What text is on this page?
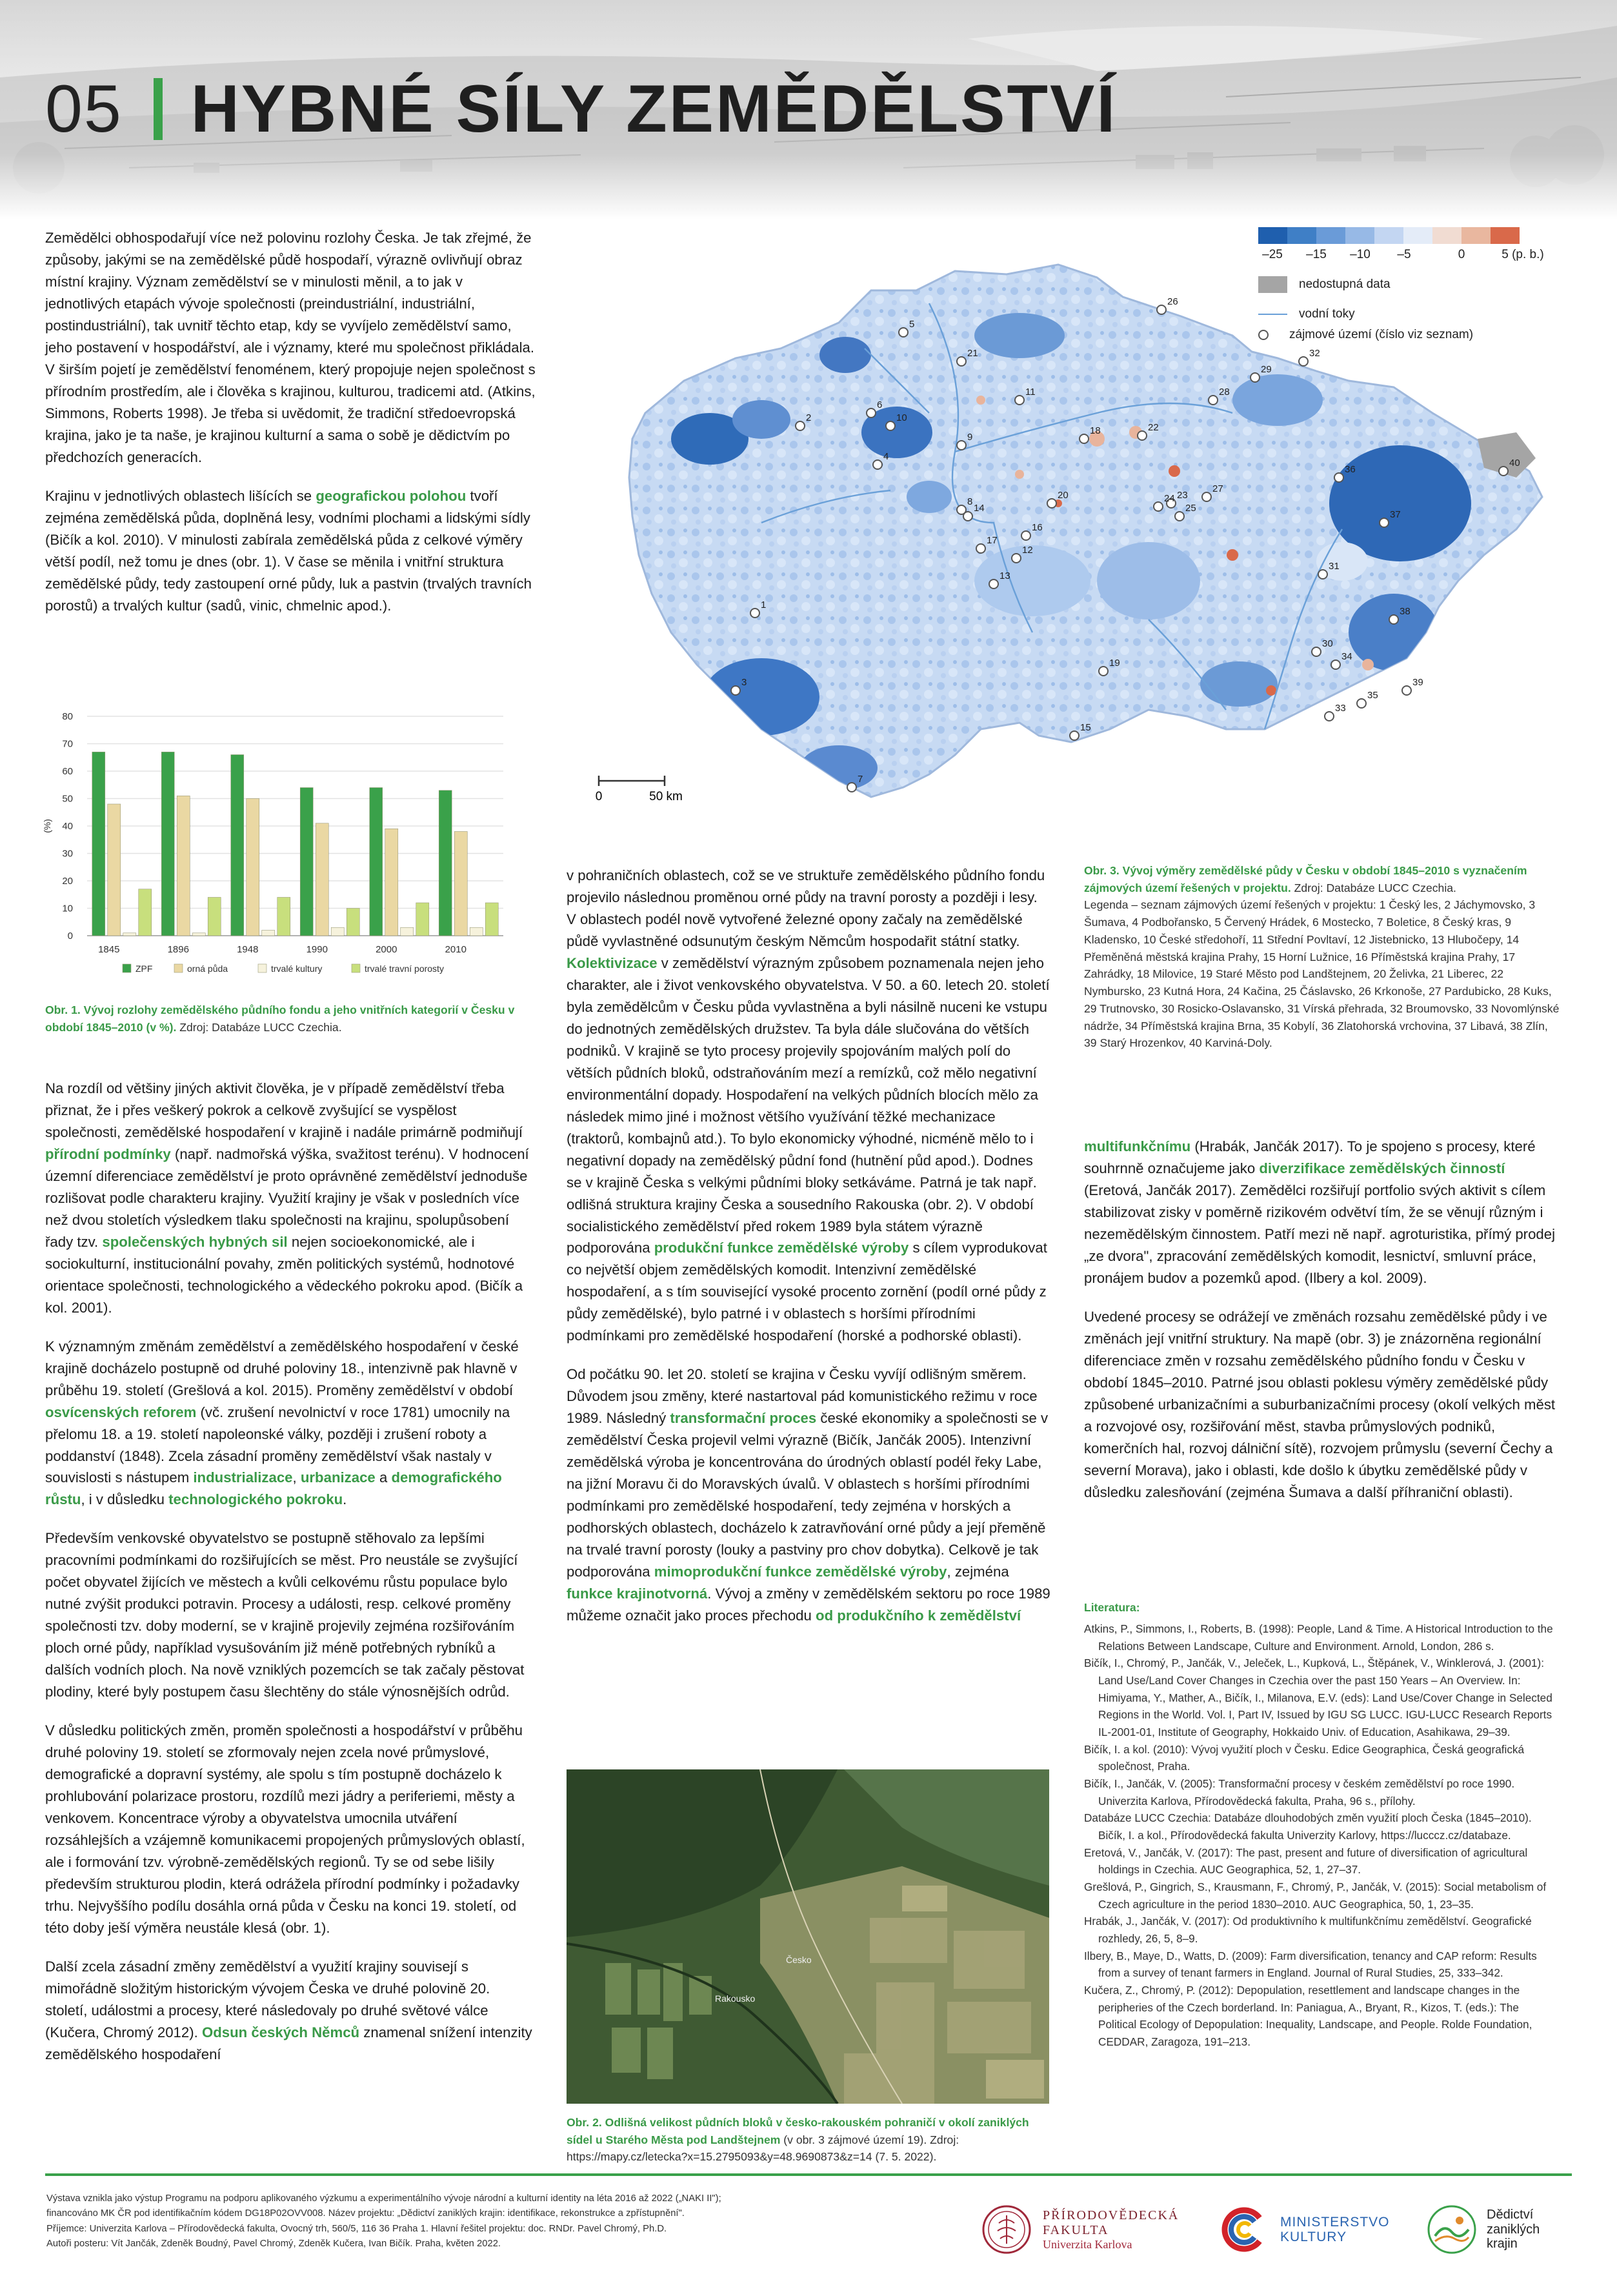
05 HYBNÉ SÍLY ZEMĚDĚLSTVÍ

Zemědělci obhospodařují více než polovinu rozlohy Česka. Je tak zřejmé, že způsoby, jakými se na zemědělské půdě hospodaří, výrazně ovlivňují obraz místní krajiny. Význam zemědělství se v minulosti měnil, a to jak v jednotlivých etapách vývoje společnosti (preindustriální, industriální, postindustriální), tak uvnitř těchto etap, kdy se vyvíjelo zemědělství samo, jeho postavení v hospodářství, ale i významy, které mu společnost přikládala. V širším pojetí je zemědělství fenoménem, který propojuje nejen společnost s přírodním prostředím, ale i člověka s krajinou, kulturou, tradicemi atd. (Atkins, Simmons, Roberts 1998). Je třeba si uvědomit, že tradiční středoevropská krajina, jako je ta naše, je krajinou kulturní a sama o sobě je dědictvím po předchozích generacích.

Krajinu v jednotlivých oblastech lišících se geografickou polohou tvoří zejména zemědělská půda, doplněná lesy, vodními plochami a lidskými sídly (Bičík a kol. 2010). V minulosti zabírala zemědělská půda z celkové výměry větší podíl, než tomu je dnes (obr. 1). V čase se měnila i vnitřní struktura zemědělské půdy, tedy zastoupení orné půdy, luk a pastvin (trvalých travních porostů) a trvalých kultur (sadů, vinic, chmelnic apod.).

0
10
20
30
40
50
60
70
80
(%)
1845	1896	1948	1990	2000	2010
ZPF	orná půda	trvalé kultury	trvalé travní porosty
Obr. 1. Vývoj rozlohy zemědělského půdního fondu a jeho vnitřních kategorií v Česku v období 1845–2010 (v %). Zdroj: Databáze LUCC Czechia.

Na rozdíl od většiny jiných aktivit člověka, je v případě zemědělství třeba přiznat, že i přes veškerý pokrok a celkově zvyšující se vyspělost společnosti, zemědělské hospodaření v krajině i nadále primárně podmiňují přírodní podmínky (např. nadmořská výška, svažitost terénu). V hodnocení územní diferenciace zemědělství je proto oprávněné zemědělství jednoduše rozlišovat podle charakteru krajiny. Využití krajiny je však v posledních více než dvou stoletích výsledkem tlaku společnosti na krajinu, spolupůsobení řady tzv. společenských hybných sil nejen socioekonomické, ale i sociokulturní, institucionální povahy, změn politických systémů, hodnotové orientace společnosti, technologického a vědeckého pokroku apod. (Bičík a kol. 2001).

K významným změnám zemědělství a zemědělského hospodaření v české krajině docházelo postupně od druhé poloviny 18., intenzivně pak hlavně v průběhu 19. století (Grešlová a kol. 2015). Proměny zemědělství v období osvícenských reforem (vč. zrušení nevolnictví v roce 1781) umocnily na přelomu 18. a 19. století napoleonské války, později i zrušení roboty a poddanství (1848). Zcela zásadní proměny zemědělství však nastaly v souvislosti s nástupem industrializace, urbanizace a demografického růstu, i v důsledku technologického pokroku.

Především venkovské obyvatelstvo se postupně stěhovalo za lepšími pracovními podmínkami do rozšiřujících se měst. Pro neustále se zvyšující počet obyvatel žijících ve městech a kvůli celkovému růstu populace bylo nutné zvýšit produkci potravin. Procesy a události, resp. celkové proměny společnosti tzv. doby moderní, se v krajině projevily zejména rozšiřováním ploch orné půdy, například vysušováním již méně potřebných rybníků a dalších vodních ploch. Na nově vzniklých pozemcích se tak začaly pěstovat plodiny, které byly postupem času šlechtěny do stále výnosnějších odrůd.

V důsledku politických změn, proměn společnosti a hospodářství v průběhu druhé poloviny 19. století se zformovaly nejen zcela nové průmyslové, demografické a dopravní systémy, ale spolu s tím postupně docházelo k prohlubování polarizace prostoru, rozdílů mezi jádry a periferiemi, městy a venkovem. Koncentrace výroby a obyvatelstva umocnila utváření rozsáhlejších a vzájemně komunikacemi propojených průmyslových oblastí, ale i formování tzv. výrobně-zemědělských regionů. Ty se od sebe lišily především strukturou plodin, která odrážela přírodní podmínky i požadavky trhu. Nejvyššího podílu dosáhla orná půda v Česku na konci 19. století, od této doby ješí výměra neustále klesá (obr. 1).

Další zcela zásadní změny zemědělství a využití krajiny souvisejí s mimořádně složitým historickým vývojem Česka ve druhé polovině 20. století, událostmi a procesy, které následovaly po druhé světové válce (Kučera, Chromý 2012). Odsun českých Němců znamenal snížení intenzity zemědělského hospodaření

1
2
3
4
5
6
7
8
9
10
11
12
13
14
15
16
17
18
19
20
21
22
23
24
25
26
27
28
29
30
31
32
33
34
35
36
37
38
39
40
0	50 km
–25 –15 –10 –5	0	5 (p. b.)
nedostupná data
vodní toky
zájmové území (číslo viz seznam)

v pohraničních oblastech, což se ve struktuře zemědělského půdního fondu projevilo následnou proměnou orné půdy na travní porosty a později i lesy. V oblastech podél nově vytvořené železné opony začaly na zemědělské půdě vyvlastněné odsunutým českým Němcům hospodařit státní statky. Kolektivizace v zemědělství výrazným způsobem poznamenala nejen jeho charakter, ale i život venkovského obyvatelstva. V 50. a 60. letech 20. století byla zemědělcům v Česku půda vyvlastněna a byli násilně nuceni ke vstupu do jednotných zemědělských družstev. Ta byla dále slučována do větších podniků. V krajině se tyto procesy projevily spojováním malých polí do větších půdních bloků, odstraňováním mezí a remízků, což mělo negativní environmentální dopady. Hospodaření na velkých půdních blocích mělo za následek mimo jiné i možnost většího využívání těžké mechanizace (traktorů, kombajnů atd.). To bylo ekonomicky výhodné, nicméně mělo to i negativní dopady na zemědělský půdní fond (hutnění půd apod.). Dodnes se v krajině Česka s velkými půdními bloky setkáváme. Patrná je tak např. odlišná struktura krajiny Česka a sousedního Rakouska (obr. 2). V období socialistického zemědělství před rokem 1989 byla státem výrazně podporována produkční funkce zemědělské výroby s cílem vyprodukovat co největší objem zemědělských komodit. Intenzivní zemědělské hospodaření, a s tím související vysoké procento zornění (podíl orné půdy z půdy zemědělské), bylo patrné i v oblastech s horšími přírodními podmínkami pro zemědělské hospodaření (horské a podhorské oblasti).

Od počátku 90. let 20. století se krajina v Česku vyvíjí odlišným směrem. Důvodem jsou změny, které nastartoval pád komunistického režimu v roce 1989. Následný transformační proces české ekonomiky a společnosti se v zemědělství Česka projevil velmi výrazně (Bičík, Jančák 2005). Intenzivní zemědělská výroba je koncentrována do úrodných oblastí podél řeky Labe, na jižní Moravu či do Moravských úvalů. V oblastech s horšími přírodními podmínkami pro zemědělské hospodaření, tedy zejména v horských a podhorských oblastech, docházelo k zatravňování orné půdy a její přeměně na trvalé travní porosty (louky a pastviny pro chov dobytka). Celkově je tak podporována mimoprodukční funkce zemědělské výroby, zejména funkce krajinotvorná. Vývoj a změny v zemědělském sektoru po roce 1989 můžeme označit jako proces přechodu od produkčního k zemědělství

Česko
Rakousko
Obr. 2. Odlišná velikost půdních bloků v česko-rakouském pohraničí v okolí zaniklých sídel u Starého Města pod Landštejnem (v obr. 3 zájmové území 19). Zdroj: https://mapy.cz/letecka?x=15.2795093&y=48.9690873&z=14 (7. 5. 2022).
Obr. 3. Vývoj výměry zemědělské půdy v Česku v období 1845–2010 s vyznačením zájmových území řešených v projektu. Zdroj: Databáze LUCC Czechia.
Legenda – seznam zájmových území řešených v projektu: 1 Český les, 2 Jáchymovsko, 3 Šumava, 4 Podbořansko, 5 Červený Hrádek, 6 Mostecko, 7 Boletice, 8 Český kras, 9 Kladensko, 10 České středohoří, 11 Střední Povltaví, 12 Jistebnicko, 13 Hlubočepy, 14 Přeměněná městská krajina Prahy, 15 Horní Lužnice, 16 Příměstská krajina Prahy, 17 Zahrádky, 18 Milovice, 19 Staré Město pod Landštejnem, 20 Želivka, 21 Liberec, 22 Nymbursko, 23 Kutná Hora, 24 Kačina, 25 Čáslavsko, 26 Krkonoše, 27 Pardubicko, 28 Kuks, 29 Trutnovsko, 30 Rosicko-Oslavansko, 31 Vírská přehrada, 32 Broumovsko, 33 Novomlýnské nádrže, 34 Příměstská krajina Brna, 35 Kobylí, 36 Zlatohorská vrchovina, 37 Libavá, 38 Zlín, 39 Starý Hrozenkov, 40 Karviná-Doly.

multifunkčnímu (Hrabák, Jančák 2017). To je spojeno s procesy, které souhrnně označujeme jako diverzifikace zemědělských činností (Eretová, Jančák 2017). Zemědělci rozšiřují portfolio svých aktivit s cílem stabilizovat zisky v poměrně rizikovém odvětví tím, že se věnují různým i nezemědělským činnostem. Patří mezi ně např. agroturistika, přímý prodej „ze dvora", zpracování zemědělských komodit, lesnictví, smluvní práce, pronájem budov a pozemků apod. (Ilbery a kol. 2009).

Uvedené procesy se odrážejí ve změnách rozsahu zemědělské půdy i ve změnách její vnitřní struktury. Na mapě (obr. 3) je znázorněna regionální diferenciace změn v rozsahu zemědělského půdního fondu v Česku v období 1845–2010. Patrné jsou oblasti poklesu výměry zemědělské půdy způsobené urbanizačními a suburbanizačními procesy (okolí velkých měst a rozvojové osy, rozšiřování měst, stavba průmyslových podniků, komerčních hal, rozvoj dálniční sítě), rozvojem průmyslu (severní Čechy a severní Morava), jako i oblasti, kde došlo k úbytku zemědělské půdy v důsledku zalesňování (zejména Šumava a další příhraniční oblasti).

Literatura:
Atkins, P., Simmons, I., Roberts, B. (1998): People, Land & Time. A Historical Introduction to the Relations Between Landscape, Culture and Environment. Arnold, London, 286 s.
Bičík, I., Chromý, P., Jančák, V., Jeleček, L., Kupková, L., Štěpánek, V., Winklerová, J. (2001): Land Use/Land Cover Changes in Czechia over the past 150 Years – An Overview. In: Himiyama, Y., Mather, A., Bičík, I., Milanova, E.V. (eds): Land Use/Cover Change in Selected Regions in the World. Vol. I, Part IV, Issued by IGU SG LUCC. IGU-LUCC Research Reports IL-2001-01, Institute of Geography, Hokkaido Univ. of Education, Asahikawa, 29–39.
Bičík, I. a kol. (2010): Vývoj využití ploch v Česku. Edice Geographica, Česká geografická společnost, Praha.
Bičík, I., Jančák, V. (2005): Transformační procesy v českém zemědělství po roce 1990. Univerzita Karlova, Přírodovědecká fakulta, Praha, 96 s., přílohy.
Databáze LUCC Czechia: Databáze dlouhodobých změn využití ploch Česka (1845–2010). Bičík, I. a kol., Přírodovědecká fakulta Univerzity Karlovy, https://lucccz.cz/databaze.
Eretová, V., Jančák, V. (2017): The past, present and future of diversification of agricultural holdings in Czechia. AUC Geographica, 52, 1, 27–37.
Grešlová, P., Gingrich, S., Krausmann, F., Chromý, P., Jančák, V. (2015): Social metabolism of Czech agriculture in the period 1830–2010. AUC Geographica, 50, 1, 23–35.
Hrabák, J., Jančák, V. (2017): Od produktivního k multifunkčnímu zemědělství. Geografické rozhledy, 26, 5, 8–9.
Ilbery, B., Maye, D., Watts, D. (2009): Farm diversification, tenancy and CAP reform: Results from a survey of tenant farmers in England. Journal of Rural Studies, 25, 333–342.
Kučera, Z., Chromý, P. (2012): Depopulation, resettlement and landscape changes in the peripheries of the Czech borderland. In: Paniagua, A., Bryant, R., Kizos, T. (eds.): The Political Ecology of Depopulation: Inequality, Landscape, and People. Rolde Foundation, CEDDAR, Zaragoza, 191–213.
Výstava vznikla jako výstup Programu na podporu aplikovaného výzkumu a experimentálního vývoje národní a kulturní identity na léta 2016 až 2022 („NAKI II");
financováno MK ČR pod identifikačním kódem DG18P02OVV008. Název projektu: „Dědictví zaniklých krajin: identifikace, rekonstrukce a zpřístupnění".
Příjemce: Univerzita Karlova – Přírodovědecká fakulta, Ovocný trh, 560/5, 116 36 Praha 1. Hlavní řešitel projektu: doc. RNDr. Pavel Chromý, Ph.D.
Autoři posteru: Vít Jančák, Zdeněk Boudný, Pavel Chromý, Zdeněk Kučera, Ivan Bičík. Praha, květen 2022.
PŘÍRODOVĚDECKÁ
FAKULTA
Univerzita Karlova
MINISTERSTVO
KULTURY
Dědictví
zaniklých
krajin
